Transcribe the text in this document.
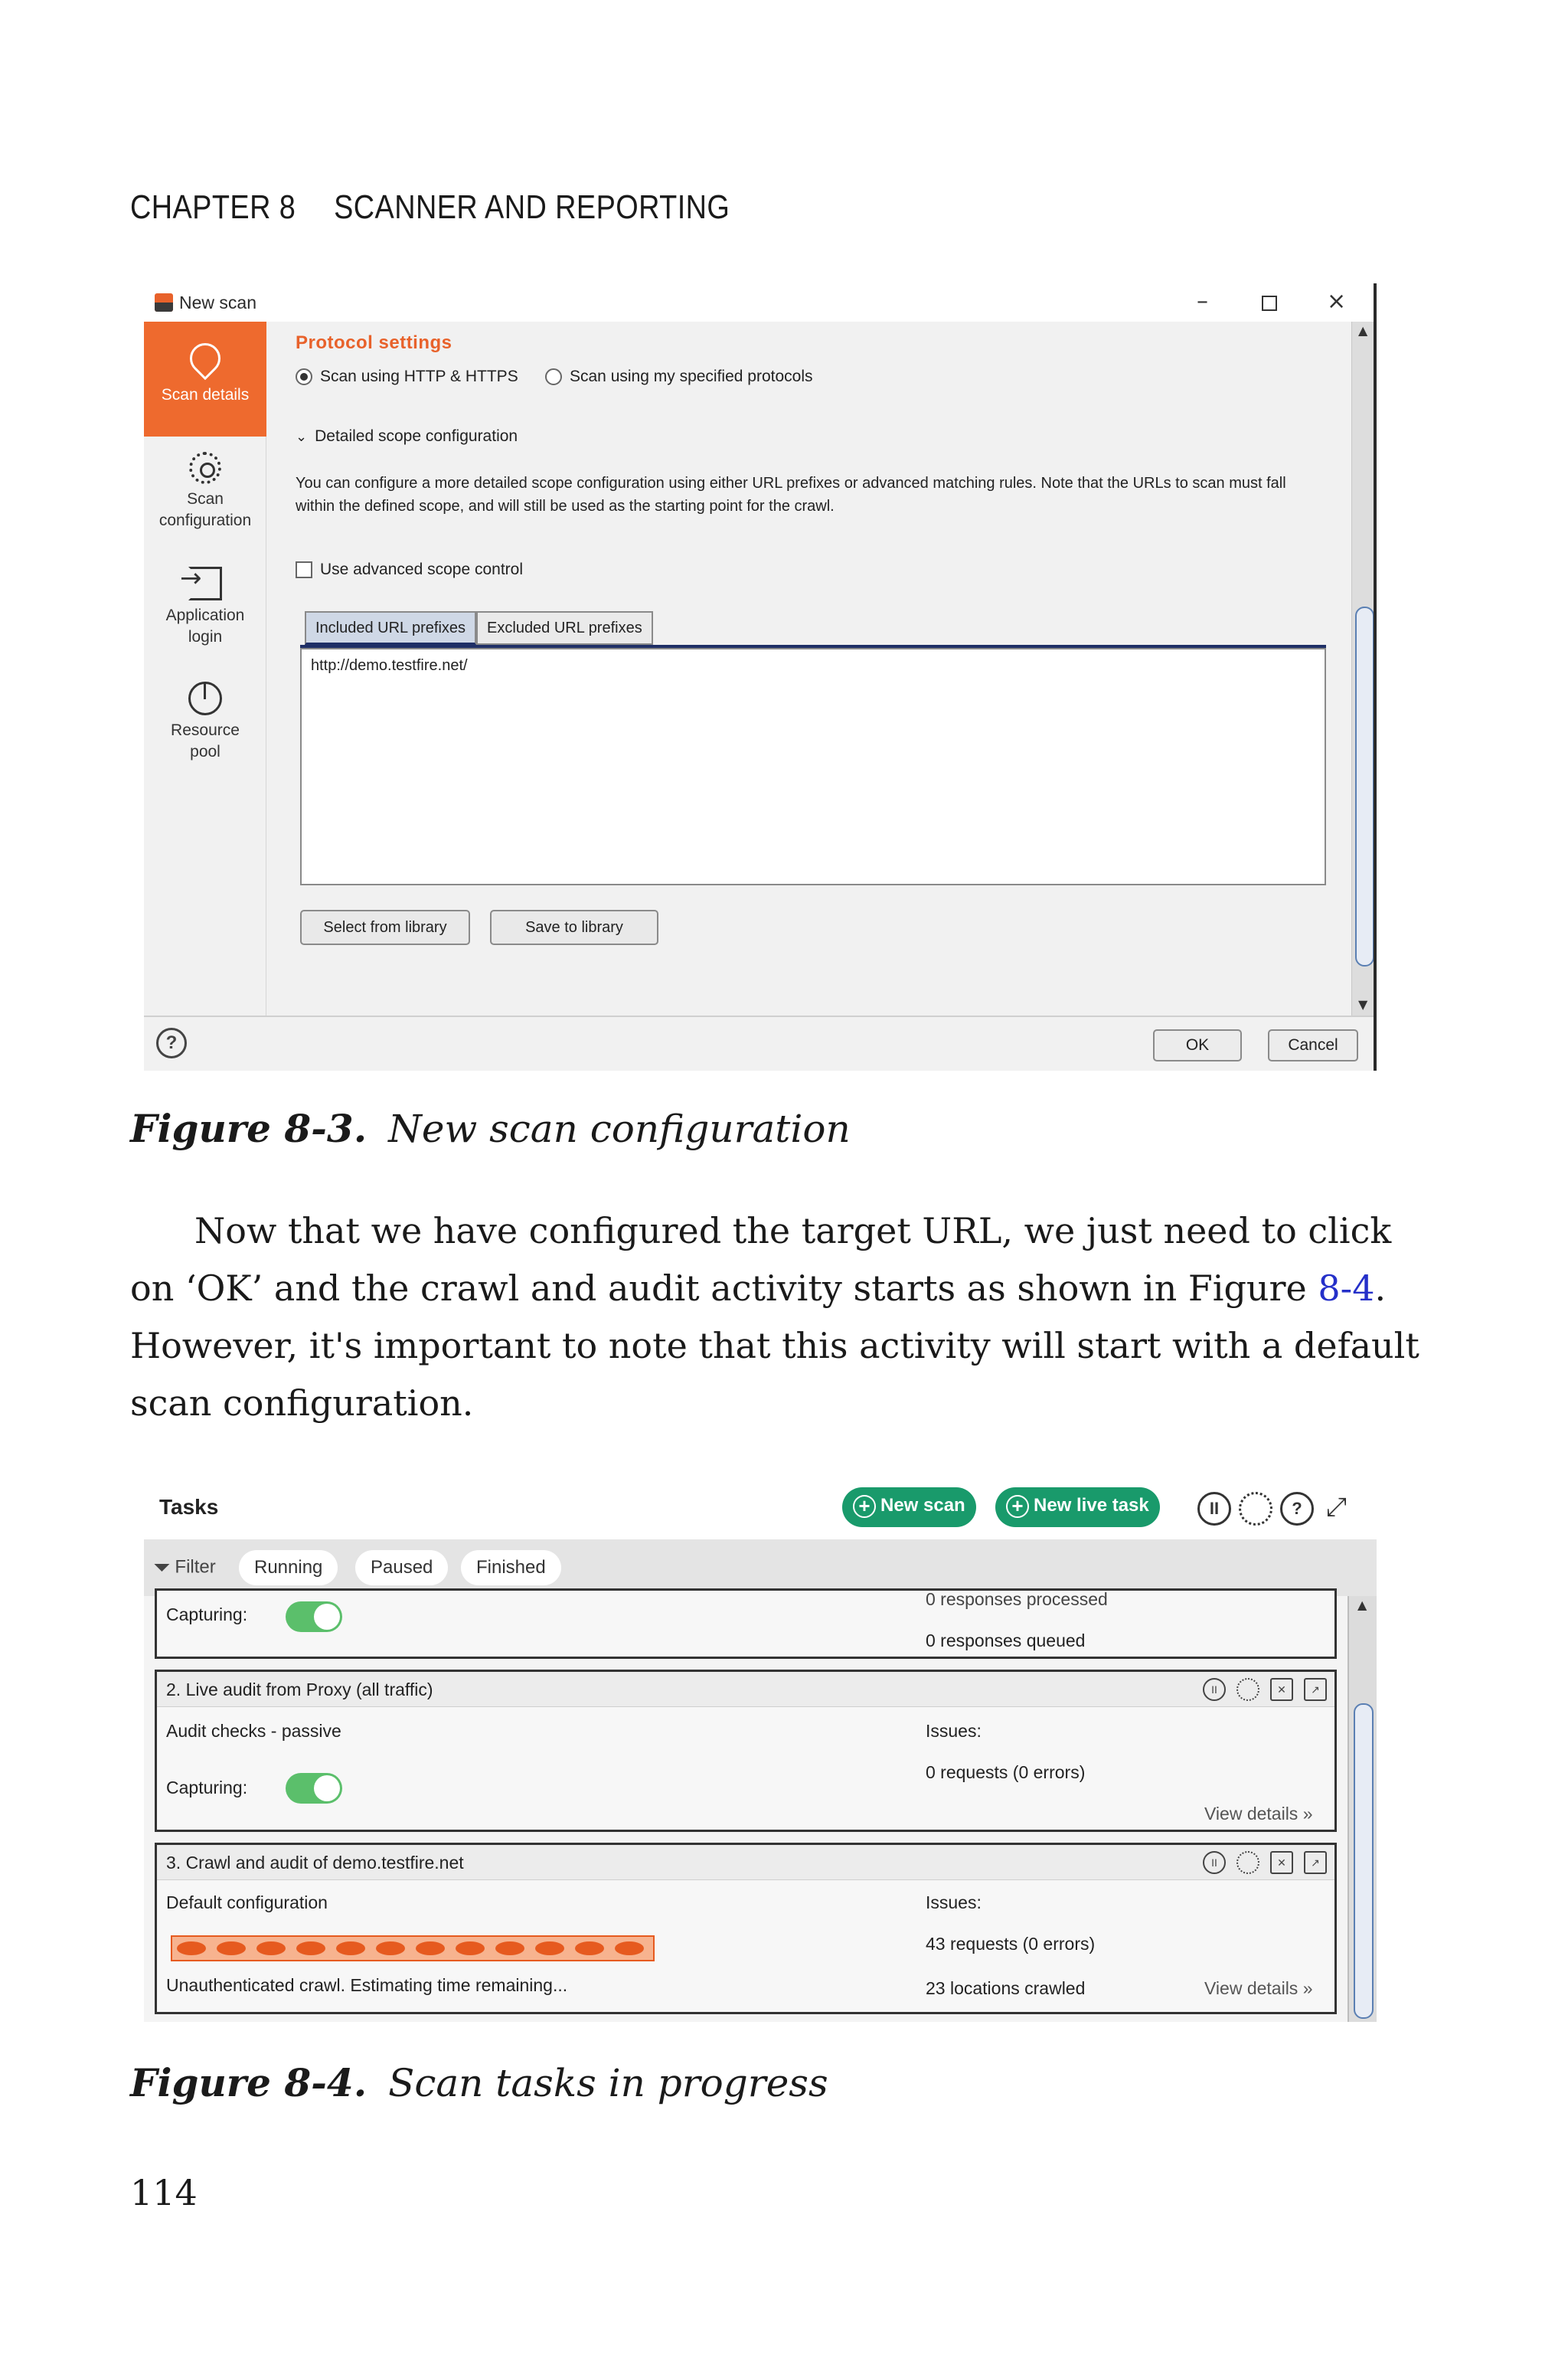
CHAPTER 8 SCANNER AND REPORTING
New scan	–	×
Scan details
Scan
configuration
→
Application
login
Resource
pool
Protocol settings
Scan using HTTP & HTTPS	Scan using my specified protocols
⌄ Detailed scope configuration
You can configure a more detailed scope configuration using either URL prefixes or advanced matching rules. Note that the URLs to scan must fall within the defined scope, and will still be used as the starting point for the crawl.
Use advanced scope control
Included URL prefixes Excluded URL prefixes
http://demo.testfire.net/
Select from library	Save to library
▲
▼
?	OK	Cancel
Figure 8-3. New scan configuration
Now that we have configured the target URL, we just need to click
on ‘OK’ and the crawl and audit activity starts as shown in Figure 8-4.
However, it's important to note that this activity will start with a default
scan configuration.
Tasks	+ New scan	+ New live task	II	? ⤢
⏷ Filter	Running	Paused	Finished
Capturing:
0 responses processed
0 responses queued
2. Live audit from Proxy (all traffic)	II	✕ ↗
Audit checks - passive
Capturing:
Issues:
0 requests (0 errors)
View details »
3. Crawl and audit of demo.testfire.net	II	✕ ↗
Default configuration
Unauthenticated crawl. Estimating time remaining...
Issues:
43 requests (0 errors)
23 locations crawled	View details »
▲
Figure 8-4. Scan tasks in progress
114
